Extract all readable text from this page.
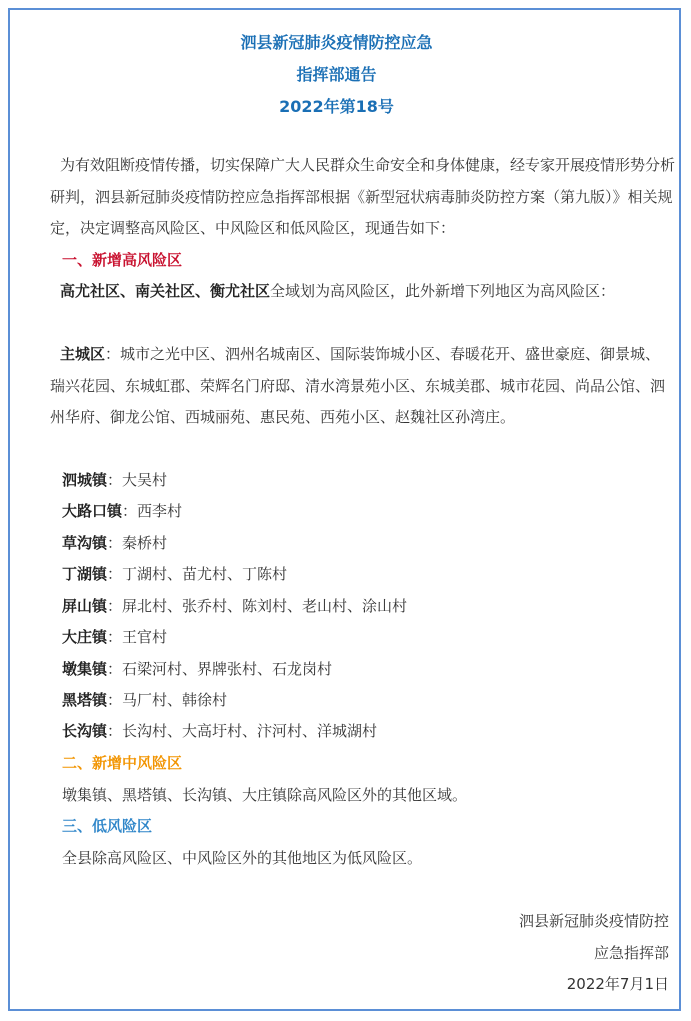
泗县新冠肺炎疫情防控应急
指挥部通告
2022年第18号
为有效阻断疫情传播，切实保障广大人民群众生命安全和身体健康，经专家开展疫情形势分析研判，泗县新冠肺炎疫情防控应急指挥部根据《新型冠状病毒肺炎防控方案（第九版）》相关规定，决定调整高风险区、中风险区和低风险区，现通告如下：
一、新增高风险区
高尤社区、南关社区、衡尤社区全域划为高风险区，此外新增下列地区为高风险区：
主城区：城市之光中区、泗州名城南区、国际装饰城小区、春暖花开、盛世豪庭、御景城、瑞兴花园、东城虹郡、荣辉名门府邸、清水湾景苑小区、东城美郡、城市花园、尚品公馆、泗州华府、御龙公馆、西城丽苑、惠民苑、西苑小区、赵魏社区孙湾庄。
泗城镇：大吴村
大路口镇：西李村
草沟镇：秦桥村
丁湖镇：丁湖村、苗尤村、丁陈村
屏山镇：屏北村、张乔村、陈刘村、老山村、涂山村
大庄镇：王官村
墩集镇：石梁河村、界牌张村、石龙岗村
黑塔镇：马厂村、韩徐村
长沟镇：长沟村、大高圩村、汴河村、洋城湖村
二、新增中风险区
墩集镇、黑塔镇、长沟镇、大庄镇除高风险区外的其他区域。
三、低风险区
全县除高风险区、中风险区外的其他地区为低风险区。
泗县新冠肺炎疫情防控
应急指挥部
2022年7月1日
